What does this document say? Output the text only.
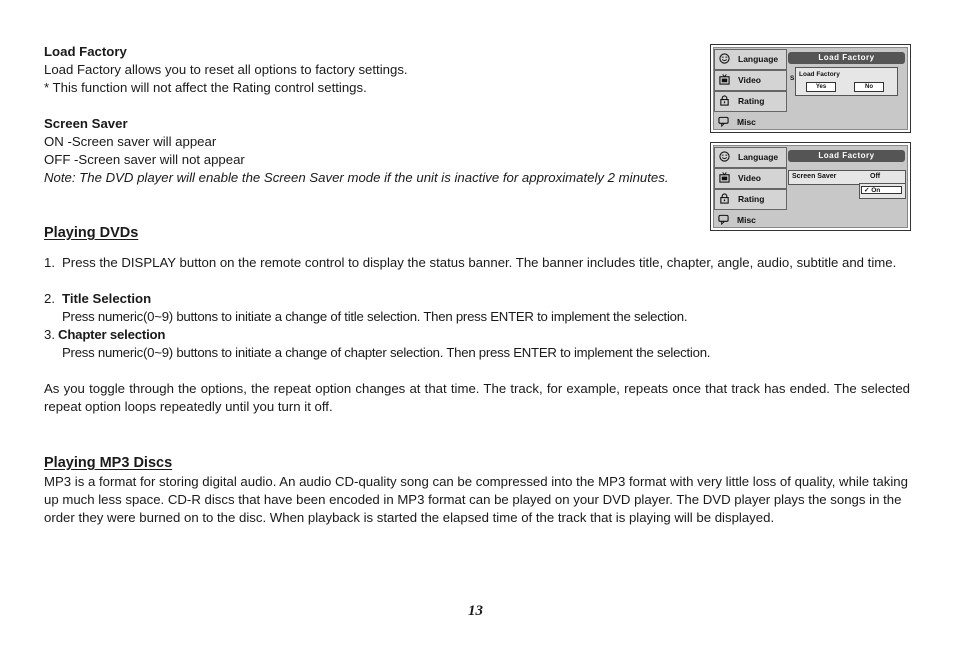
Load Factory
Load Factory allows you to reset all options to factory settings.
* This function will not affect the Rating control settings.
Screen Saver
ON -Screen saver will appear
OFF -Screen saver will not appear
Note: The DVD player will enable the Screen Saver mode if the unit is inactive for approximately 2 minutes.
Playing DVDs
1. Press the DISPLAY button on the remote control to display the status banner. The banner includes title, chapter, angle, audio, subtitle and time.
2. Title Selection
Press numeric(0~9) buttons to initiate a change of title selection. Then press ENTER to implement the selection.
3. Chapter selection
Press numeric(0~9) buttons to initiate a change of chapter selection. Then press ENTER to implement the selection.
As you toggle through the options, the repeat option changes at that time. The track, for example, repeats once that track has ended. The selected repeat option loops repeatedly until you turn it off.
Playing MP3 Discs
MP3 is a format for storing digital audio. An audio CD-quality song can be compressed into the MP3 format with very little loss of quality, while taking up much less space. CD-R discs that have been encoded in MP3 format can be played on your DVD player. The DVD player plays the songs in the order they were burned on to the disc. When playback is started the elapsed time of the track that is playing will be displayed.
13
Language
Video
Rating
Misc
Load Factory
S
Load Factory
Yes	No
Language
Video
Rating
Misc
Load Factory
Screen Saver	Off
✓ On
